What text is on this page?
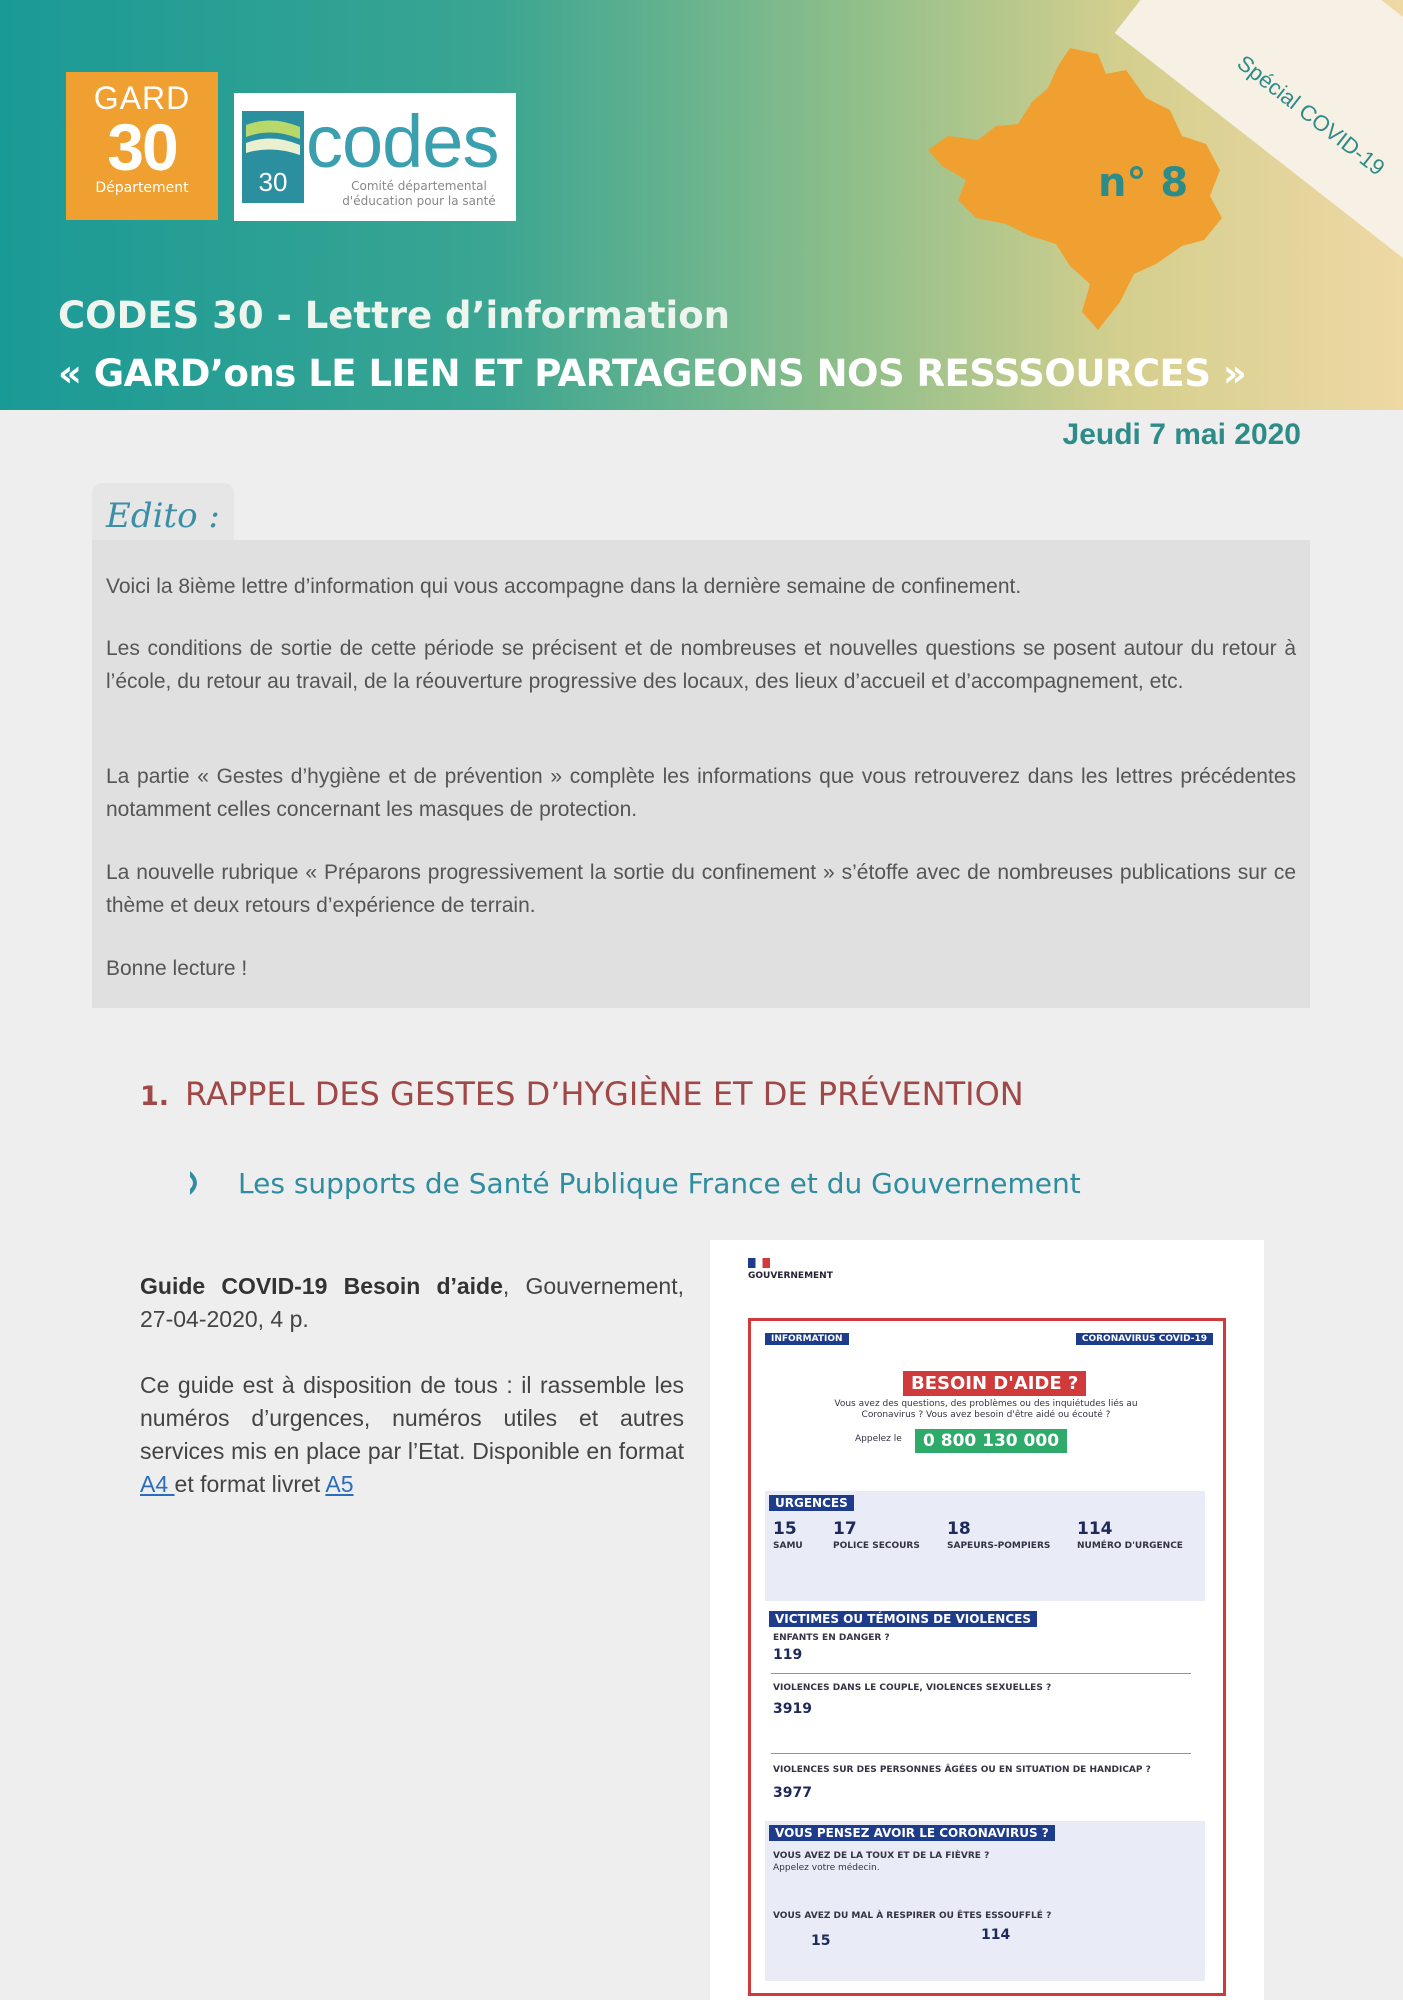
Spécial COVID-19
GARD
30
Département	30 codes
Comité départemental d'éducation pour la santé	n° 8
CODES 30 - Lettre d’information
« GARD’ons LE LIEN ET PARTAGEONS NOS RESSSOURCES »
Jeudi 7 mai 2020
Edito :

Voici la 8ième lettre d’information qui vous accompagne dans la dernière semaine de confinement.

Les conditions de sortie de cette période se précisent et de nombreuses et nouvelles questions se posent autour du retour à l’école, du retour au travail, de la réouverture progressive des locaux, des lieux d’accueil et d’accompagnement, etc.

La partie « Gestes d’hygiène et de prévention » complète les informations que vous retrouverez dans les lettres précédentes notamment celles concernant les masques de protection.

La nouvelle rubrique « Préparons progressivement la sortie du confinement » s’étoffe avec de nombreuses publications sur ce thème et deux retours d’expérience de terrain.

Bonne lecture !

1. RAPPEL DES GESTES D’HYGIÈNE ET DE PRÉVENTION
Les supports de Santé Publique France et du Gouvernement

Guide COVID-19 Besoin d’aide, Gouvernement, 27-04-2020, 4 p.

Ce guide est à disposition de tous : il rassemble les numéros d’urgences, numéros utiles et autres services mis en place par l’Etat. Disponible en format A4 et format livret A5

GOUVERNEMENT
INFORMATION	CORONAVIRUS COVID-19
BESOIN D'AIDE ?
Vous avez des questions, des problèmes ou des inquiétudes liés au Coronavirus ? Vous avez besoin d'être aidé ou écouté ?
Appelez le	0 800 130 000
URGENCES
15
SAMU
17
POLICE SECOURS
18
SAPEURS-POMPIERS
114
NUMÉRO D'URGENCE
VICTIMES OU TÉMOINS DE VIOLENCES
ENFANTS EN DANGER ?
119
VIOLENCES DANS LE COUPLE, VIOLENCES SEXUELLES ?
3919
VIOLENCES SUR DES PERSONNES ÂGÉES OU EN SITUATION DE HANDICAP ?
3977
VOUS PENSEZ AVOIR LE CORONAVIRUS ?
VOUS AVEZ DE LA TOUX ET DE LA FIÈVRE ?
Appelez votre médecin.
VOUS AVEZ DU MAL À RESPIRER OU ÊTES ESSOUFFLÉ ?
15	114
